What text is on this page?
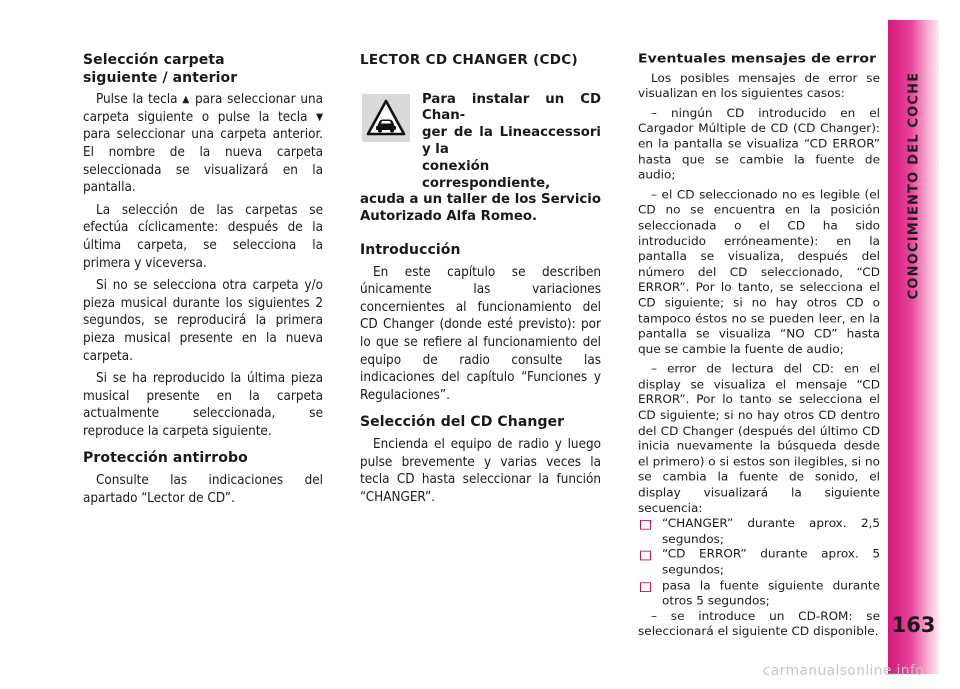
Selección carpeta
siguiente / anterior

Pulse la tecla ▲ para seleccionar una carpeta siguiente o pulse la tecla ▼ para seleccionar una carpeta anterior. El nombre de la nueva carpeta seleccionada se visualizará en la pantalla.

La selección de las carpetas se efectúa cíclicamente: después de la última carpeta, se selecciona la primera y viceversa.

Si no se selecciona otra carpeta y/o pieza musical durante los siguientes 2 segundos, se reproducirá la primera pieza musical presente en la nueva carpeta.

Si se ha reproducido la última pieza musical presente en la carpeta actualmente seleccionada, se reproduce la carpeta siguiente.

Protección antirrobo

Consulte las indicaciones del apartado “Lector de CD”.

LECTOR CD CHANGER (CDC)

Para instalar un CD Chan-

ger de la Lineaccessori y la

conexión correspondiente,

acuda a un taller de los Servicio Autorizado Alfa Romeo.

Introducción

En este capítulo se describen únicamente las variaciones concernientes al funcionamiento del CD Changer (donde esté previsto): por lo que se refiere al funcionamiento del equipo de radio consulte las indicaciones del capítulo “Funciones y Regulaciones”.

Selección del CD Changer

Encienda el equipo de radio y luego pulse brevemente y varias veces la tecla CD hasta seleccionar la función “CHANGER”.

Eventuales mensajes de error

Los posibles mensajes de error se visualizan en los siguientes casos:

– ningún CD introducido en el Cargador Múltiple de CD (CD Changer): en la pantalla se visualiza “CD ERROR” hasta que se cambie la fuente de audio;

– el CD seleccionado no es legible (el CD no se encuentra en la posición seleccionada o el CD ha sido introducido erróneamente): en la pantalla se visualiza, después del número del CD seleccionado, “CD ERROR”. Por lo tanto, se selecciona el CD siguiente; si no hay otros CD o tampoco éstos no se pueden leer, en la pantalla se visualiza “NO CD” hasta que se cambie la fuente de audio;

– error de lectura del CD: en el display se visualiza el mensaje “CD ERROR”. Por lo tanto se selecciona el CD siguiente; si no hay otros CD dentro del CD Changer (después del último CD inicia nuevamente la búsqueda desde el primero) o si estos son ilegibles, si no se cambia la fuente de sonido, el display visualizará la siguiente secuencia:

“CHANGER” durante aprox. 2,5 segundos;
“CD ERROR” durante aprox. 5 segundos;
pasa la fuente siguiente durante otros 5 segundos;

– se introduce un CD-ROM: se seleccionará el siguiente CD disponible.

CONOCIMIENTO DEL COCHE
163
carmanualsonline.info
